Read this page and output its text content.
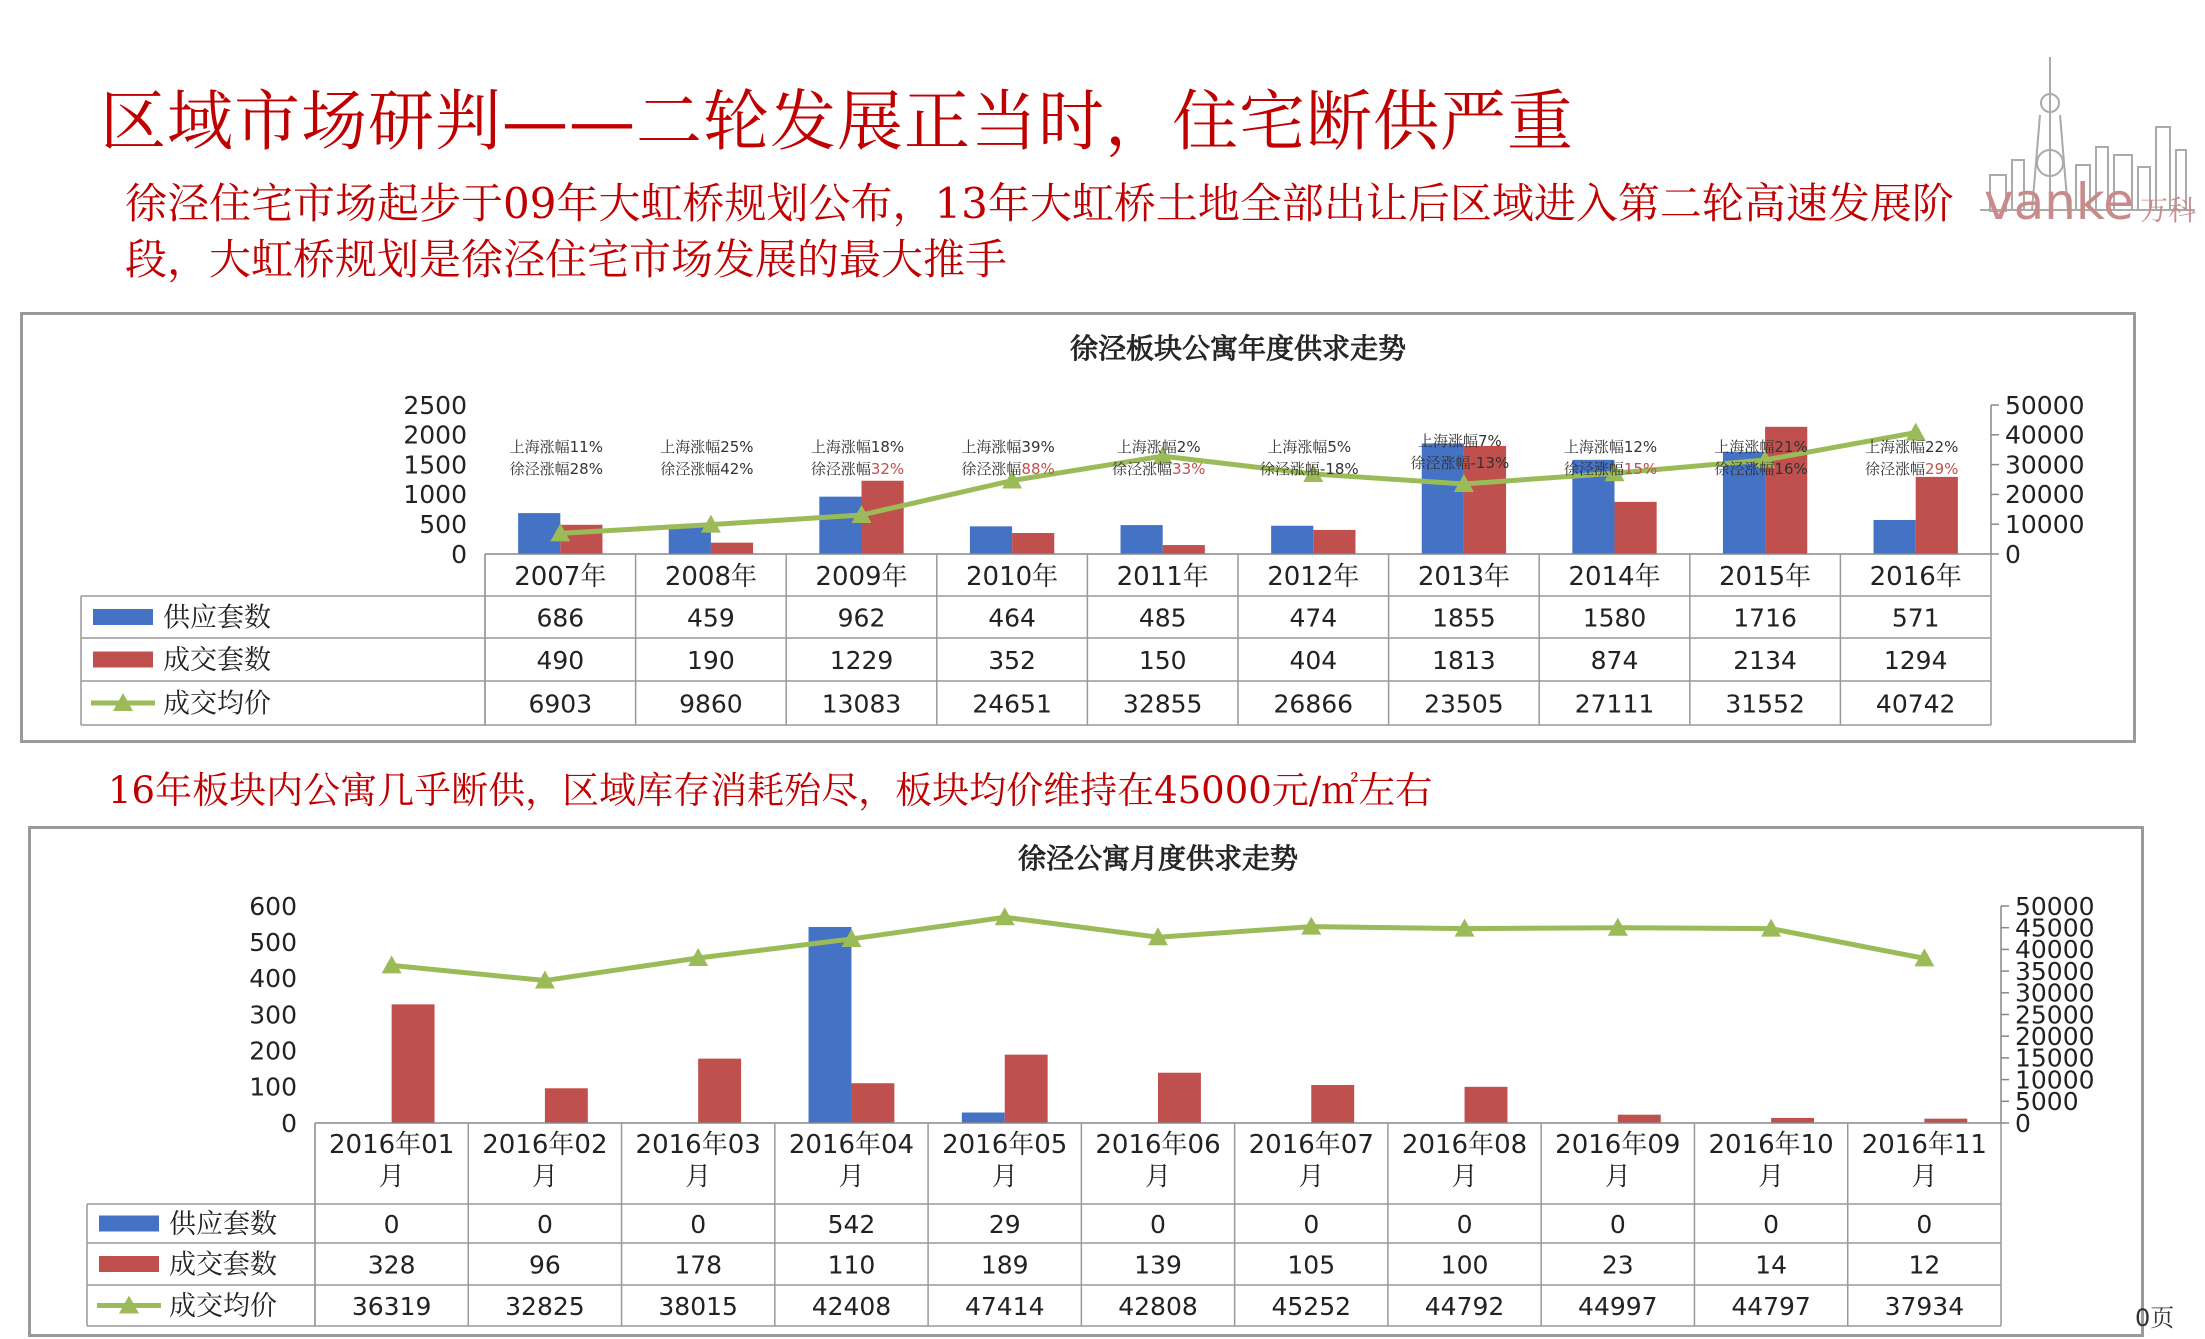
区域市场研判——二轮发展正当时，住宅断供严重
徐泾住宅市场起步于09年大虹桥规划公布，13年大虹桥土地全部出让后区域进入第二轮高速发展阶段，大虹桥规划是徐泾住宅市场发展的最大推手
vanke 万科
徐泾板块公寓年度供求走势
0
500
1000
1500
2000
2500
0
10000
20000
30000
40000
50000
上海涨幅11%
徐泾涨幅28%
上海涨幅25%
徐泾涨幅42%
上海涨幅18%
徐泾涨幅32%
上海涨幅39%
徐泾涨幅88%
上海涨幅2%
徐泾涨幅33%
上海涨幅5%
徐泾涨幅-18%
上海涨幅7%
徐泾涨幅-13%
上海涨幅12%
徐泾涨幅15%
上海涨幅21%
徐泾涨幅16%
上海涨幅22%
徐泾涨幅29%
2007年 2008年 2009年 2010年 2011年 2012年 2013年 2014年 2015年 2016年
供应套数	686	459	962	464	485	474	1855	1580	1716	571
成交套数	490	190	1229	352	150	404	1813	874	2134	1294
成交均价	6903	9860	13083	24651	32855	26866	23505	27111	31552	40742
16年板块内公寓几乎断供，区域库存消耗殆尽，板块均价维持在45000元/㎡左右
徐泾公寓月度供求走势
0
100
200
300
400
500
600
0
5000
10000
15000
20000
25000
30000
35000
40000
45000
50000
2016年01
月
2016年02
月
2016年03
月
2016年04
月
2016年05
月
2016年06
月
2016年07
月
2016年08
月
2016年09
月
2016年10
月
2016年11
月
供应套数	0	0	0	542	29	0	0	0	0	0	0
成交套数	328	96	178	110	189	139	105	100	23	14	12
成交均价	36319	32825	38015	42408	47414	42808	45252	44792	44997	44797	37934	0页
